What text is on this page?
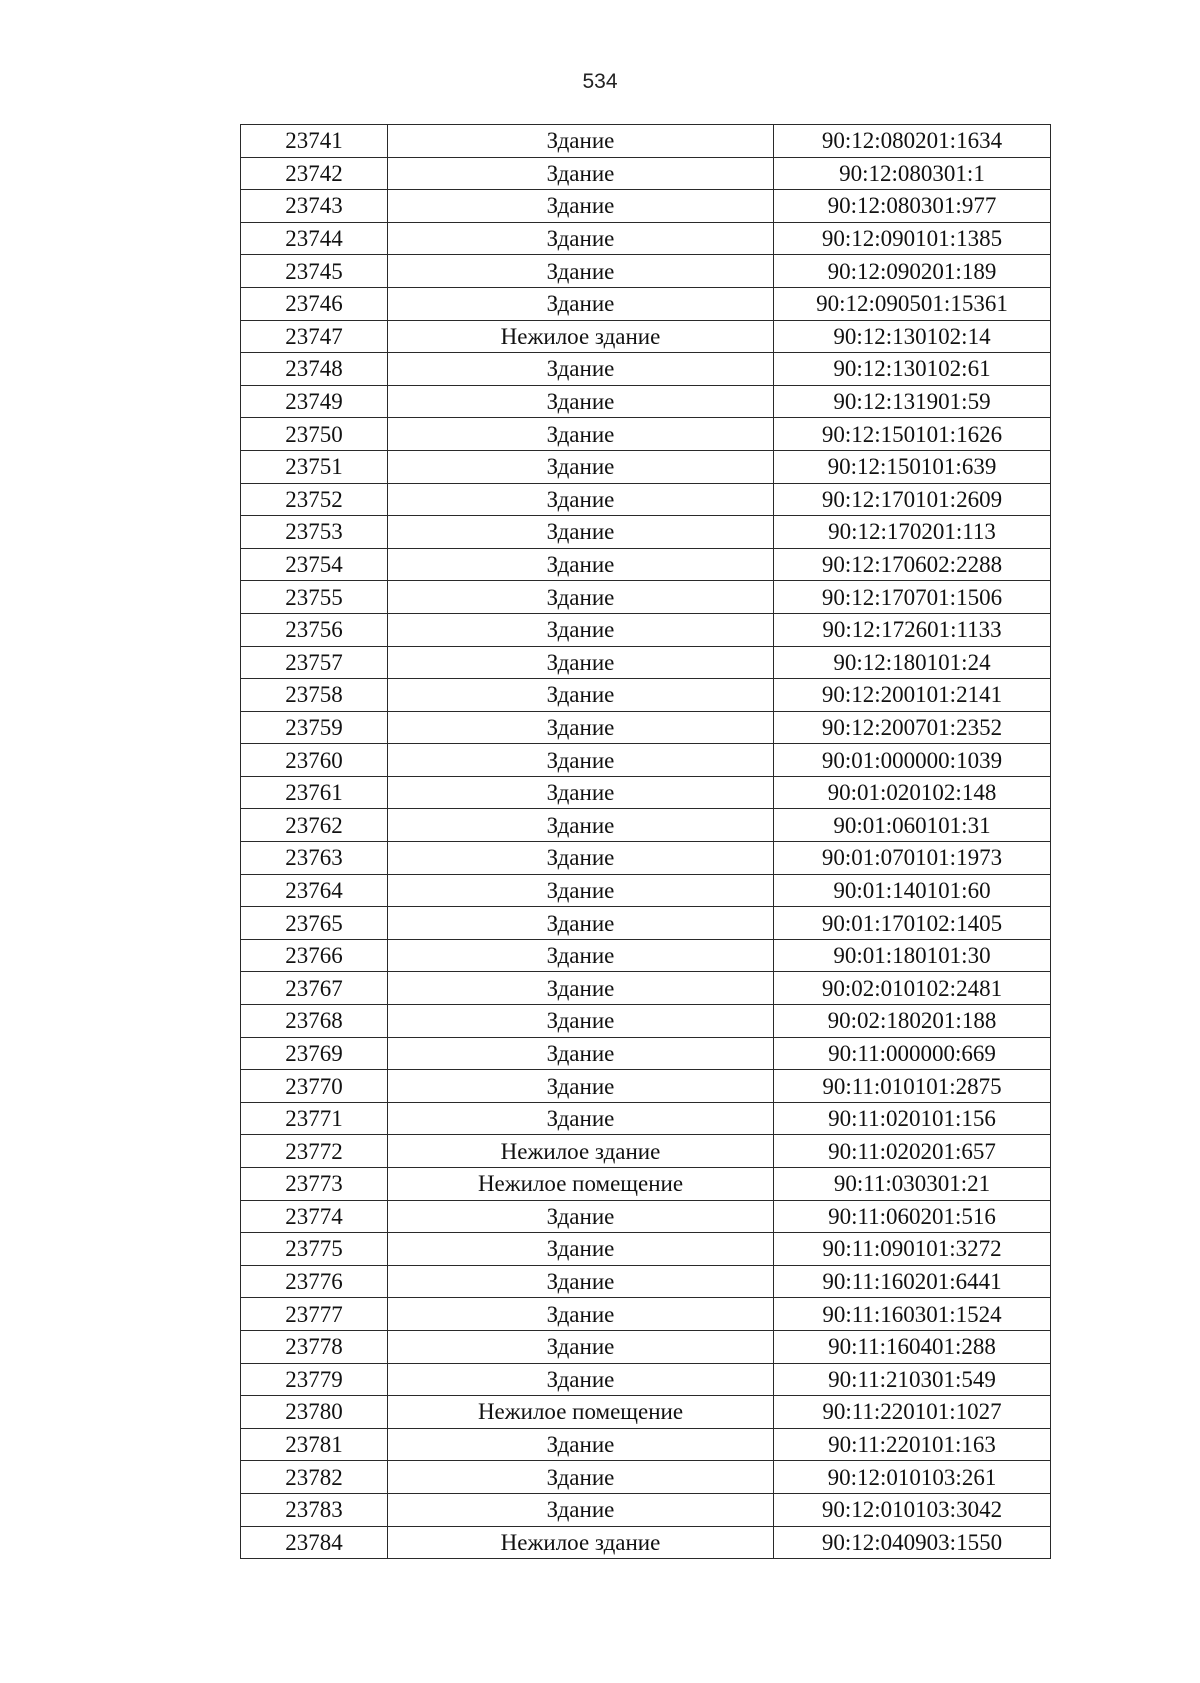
534
23741	Здание	90:12:080201:1634
23742	Здание	90:12:080301:1
23743	Здание	90:12:080301:977
23744	Здание	90:12:090101:1385
23745	Здание	90:12:090201:189
23746	Здание	90:12:090501:15361
23747	Нежилое здание	90:12:130102:14
23748	Здание	90:12:130102:61
23749	Здание	90:12:131901:59
23750	Здание	90:12:150101:1626
23751	Здание	90:12:150101:639
23752	Здание	90:12:170101:2609
23753	Здание	90:12:170201:113
23754	Здание	90:12:170602:2288
23755	Здание	90:12:170701:1506
23756	Здание	90:12:172601:1133
23757	Здание	90:12:180101:24
23758	Здание	90:12:200101:2141
23759	Здание	90:12:200701:2352
23760	Здание	90:01:000000:1039
23761	Здание	90:01:020102:148
23762	Здание	90:01:060101:31
23763	Здание	90:01:070101:1973
23764	Здание	90:01:140101:60
23765	Здание	90:01:170102:1405
23766	Здание	90:01:180101:30
23767	Здание	90:02:010102:2481
23768	Здание	90:02:180201:188
23769	Здание	90:11:000000:669
23770	Здание	90:11:010101:2875
23771	Здание	90:11:020101:156
23772	Нежилое здание	90:11:020201:657
23773	Нежилое помещение	90:11:030301:21
23774	Здание	90:11:060201:516
23775	Здание	90:11:090101:3272
23776	Здание	90:11:160201:6441
23777	Здание	90:11:160301:1524
23778	Здание	90:11:160401:288
23779	Здание	90:11:210301:549
23780	Нежилое помещение	90:11:220101:1027
23781	Здание	90:11:220101:163
23782	Здание	90:12:010103:261
23783	Здание	90:12:010103:3042
23784	Нежилое здание	90:12:040903:1550
